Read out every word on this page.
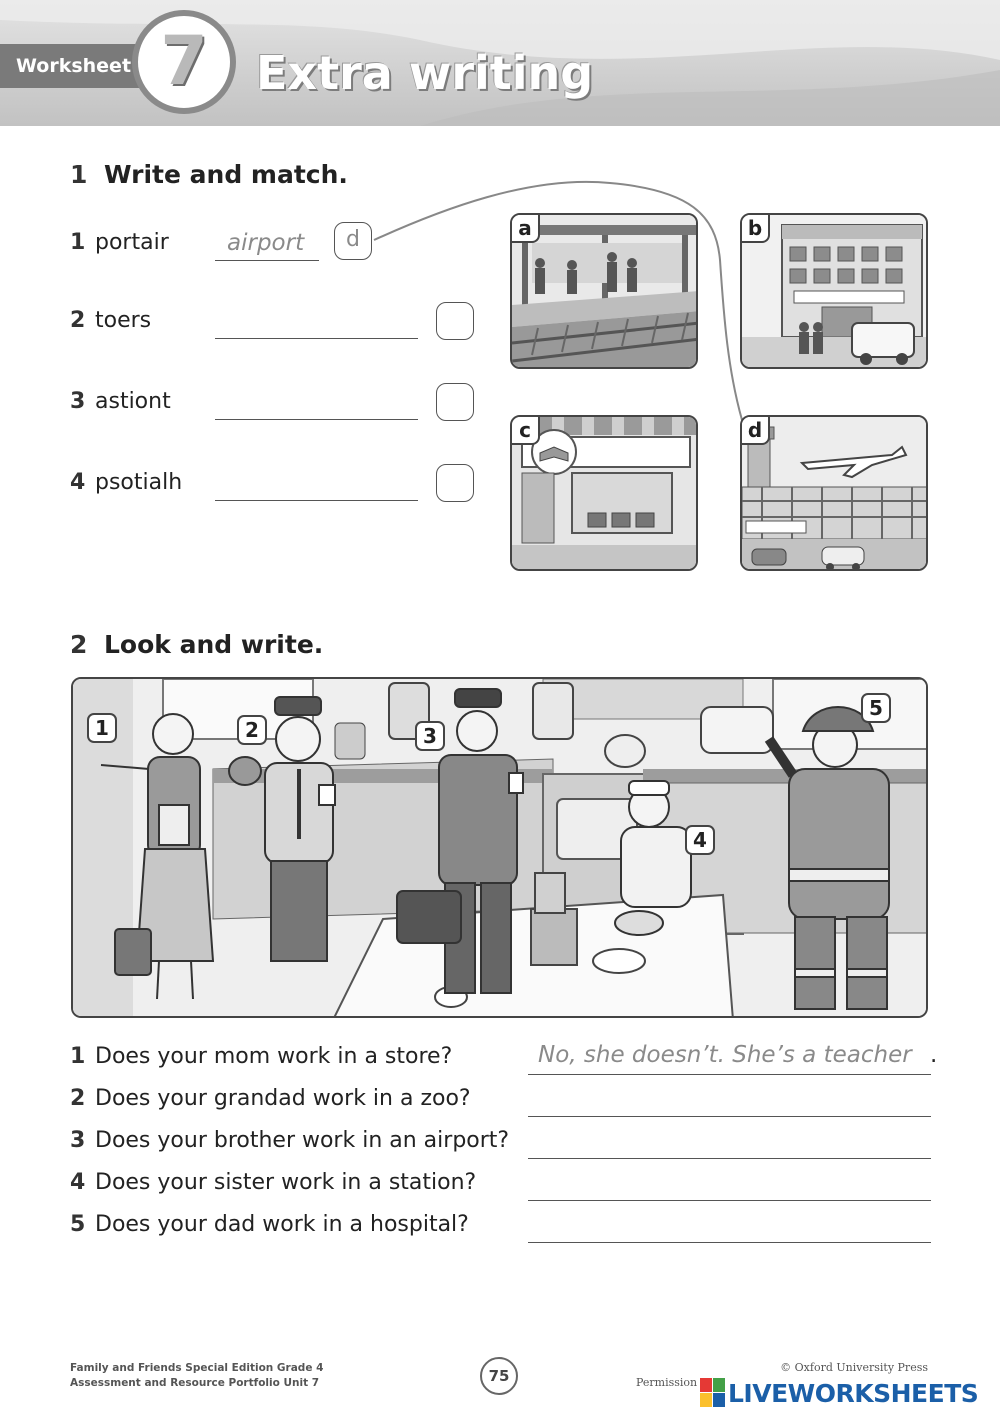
Worksheet 7	Extra writing
1 Write and match.
1 portair	airport	d
2 toers
3 astiont
4 psotialh
a	b
c	d
2 Look and write.
1	2	3
4
5
1 Does your mom work in a store?	No, she doesn’t. She’s a teacher .
2 Does your grandad work in a zoo?
3 Does your brother work in an airport?
4 Does your sister work in a station?
5 Does your dad work in a hospital?
Family and Friends Special Edition Grade 4
Assessment and Resource Portfolio Unit 7	75	© Oxford University Press
Permission LIVEWORKSHEETS
